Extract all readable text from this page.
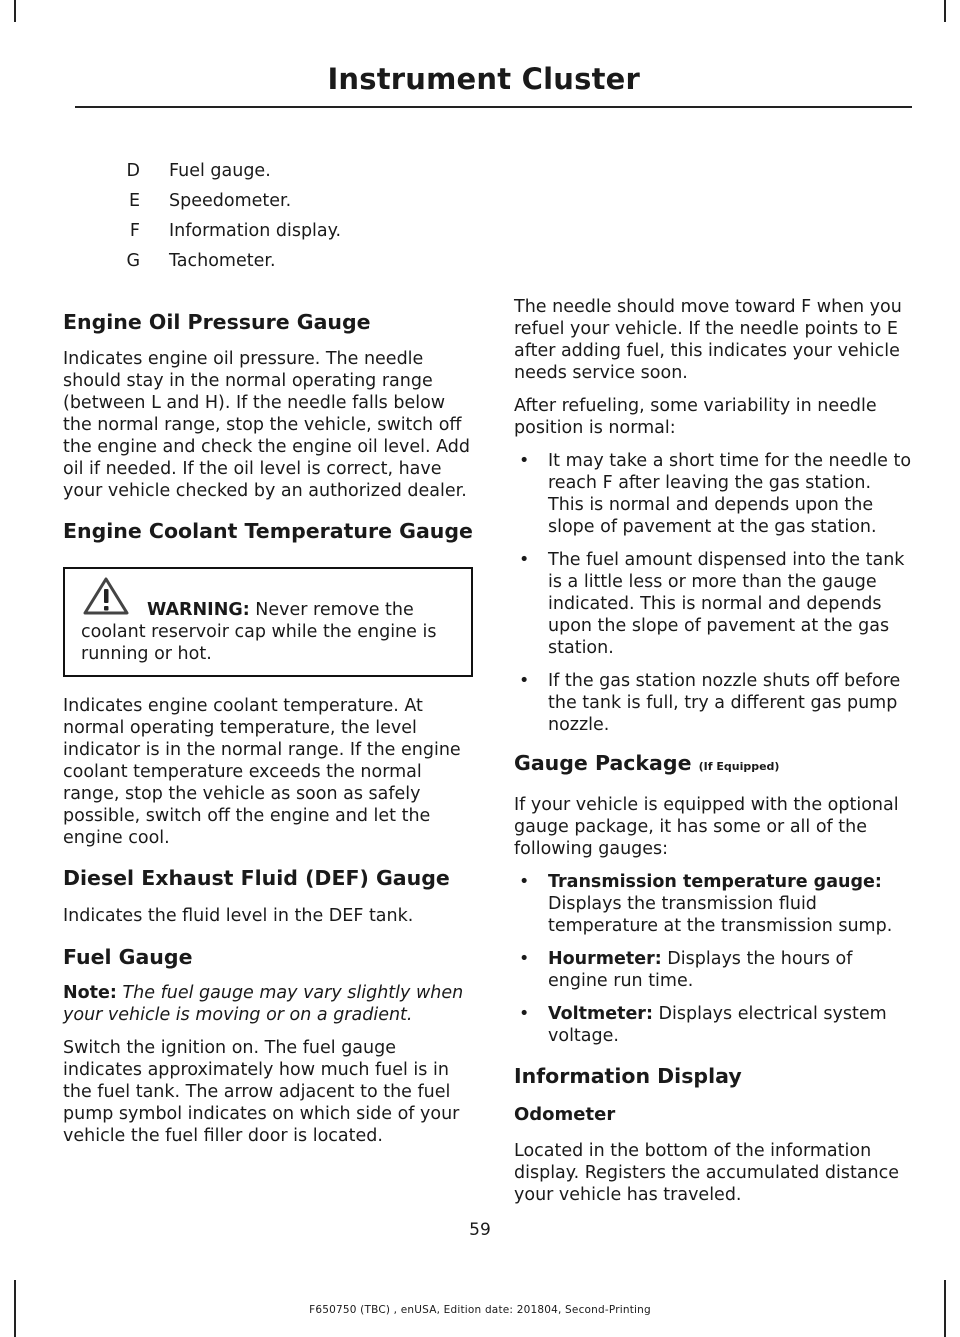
Instrument Cluster
D	Fuel gauge.
E	Speedometer.
F	Information display.
G	Tachometer.
Engine Oil Pressure Gauge

Indicates engine oil pressure. The needle should stay in the normal operating range (between L and H). If the needle falls below the normal range, stop the vehicle, switch off the engine and check the engine oil level. Add oil if needed. If the oil level is correct, have your vehicle checked by an authorized dealer.

Engine Coolant Temperature Gauge

WARNING: Never remove the coolant reservoir cap while the engine is running or hot.

Indicates engine coolant temperature. At normal operating temperature, the level indicator is in the normal range. If the engine coolant temperature exceeds the normal range, stop the vehicle as soon as safely possible, switch off the engine and let the engine cool.

Diesel Exhaust Fluid (DEF) Gauge

Indicates the fluid level in the DEF tank.

Fuel Gauge

Note: The fuel gauge may vary slightly when your vehicle is moving or on a gradient.

Switch the ignition on. The fuel gauge indicates approximately how much fuel is in the fuel tank. The arrow adjacent to the fuel pump symbol indicates on which side of your vehicle the fuel filler door is located.

The needle should move toward F when you refuel your vehicle. If the needle points to E after adding fuel, this indicates your vehicle needs service soon.

After refueling, some variability in needle position is normal:

• It may take a short time for the needle to reach F after leaving the gas station. This is normal and depends upon the slope of pavement at the gas station.
• The fuel amount dispensed into the tank is a little less or more than the gauge indicated. This is normal and depends upon the slope of pavement at the gas station.
• If the gas station nozzle shuts off before the tank is full, try a different gas pump nozzle.
Gauge Package (If Equipped)

If your vehicle is equipped with the optional gauge package, it has some or all of the following gauges:

• Transmission temperature gauge: Displays the transmission fluid temperature at the transmission sump.
• Hourmeter: Displays the hours of engine run time.
• Voltmeter: Displays electrical system voltage.
Information Display
Odometer

Located in the bottom of the information display. Registers the accumulated distance your vehicle has traveled.

59
F650750 (TBC) , enUSA, Edition date: 201804, Second-Printing
